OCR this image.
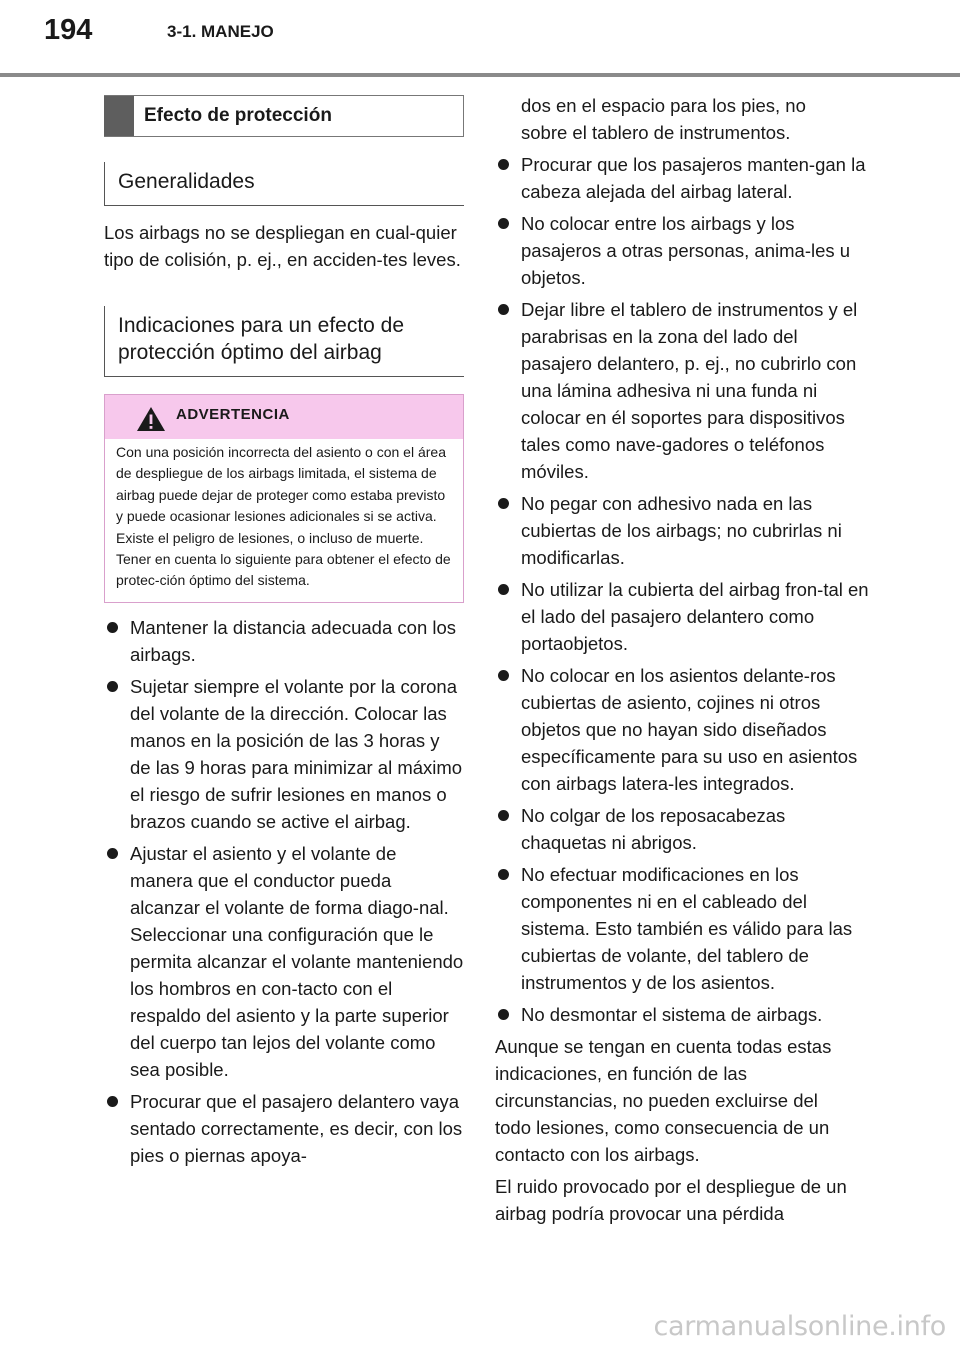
194	3-1. MANEJO
Efecto de protección
Generalidades

Los airbags no se despliegan en cual-quier tipo de colisión, p. ej., en acciden-tes leves.

Indicaciones para un efecto de protección óptimo del airbag
ADVERTENCIA
Con una posición incorrecta del asiento o con el área de despliegue de los airbags limitada, el sistema de airbag puede dejar de proteger como estaba previsto y puede ocasionar lesiones adicionales si se activa. Existe el peligro de lesiones, o incluso de muerte. Tener en cuenta lo siguiente para obtener el efecto de protec-ción óptimo del sistema.
Mantener la distancia adecuada con los airbags.
Sujetar siempre el volante por la corona del volante de la dirección. Colocar las manos en la posición de las 3 horas y de las 9 horas para minimizar al máximo el riesgo de sufrir lesiones en manos o brazos cuando se active el airbag.
Ajustar el asiento y el volante de manera que el conductor pueda alcanzar el volante de forma diago-nal. Seleccionar una configuración que le permita alcanzar el volante manteniendo los hombros en con-tacto con el respaldo del asiento y la parte superior del cuerpo tan lejos del volante como sea posible.
Procurar que el pasajero delantero vaya sentado correctamente, es decir, con los pies o piernas apoya-

dos en el espacio para los pies, no sobre el tablero de instrumentos.

Procurar que los pasajeros manten-gan la cabeza alejada del airbag lateral.
No colocar entre los airbags y los pasajeros a otras personas, anima-les u objetos.
Dejar libre el tablero de instrumentos y el parabrisas en la zona del lado del pasajero delantero, p. ej., no cubrirlo con una lámina adhesiva ni una funda ni colocar en él soportes para dispositivos tales como nave-gadores o teléfonos móviles.
No pegar con adhesivo nada en las cubiertas de los airbags; no cubrirlas ni modificarlas.
No utilizar la cubierta del airbag fron-tal en el lado del pasajero delantero como portaobjetos.
No colocar en los asientos delante-ros cubiertas de asiento, cojines ni otros objetos que no hayan sido diseñados específicamente para su uso en asientos con airbags latera-les integrados.
No colgar de los reposacabezas chaquetas ni abrigos.
No efectuar modificaciones en los componentes ni en el cableado del sistema. Esto también es válido para las cubiertas de volante, del tablero de instrumentos y de los asientos.
No desmontar el sistema de airbags.

Aunque se tengan en cuenta todas estas indicaciones, en función de las circunstancias, no pueden excluirse del todo lesiones, como consecuencia de un contacto con los airbags.

El ruido provocado por el despliegue de un airbag podría provocar una pérdida

carmanualsonline.info
